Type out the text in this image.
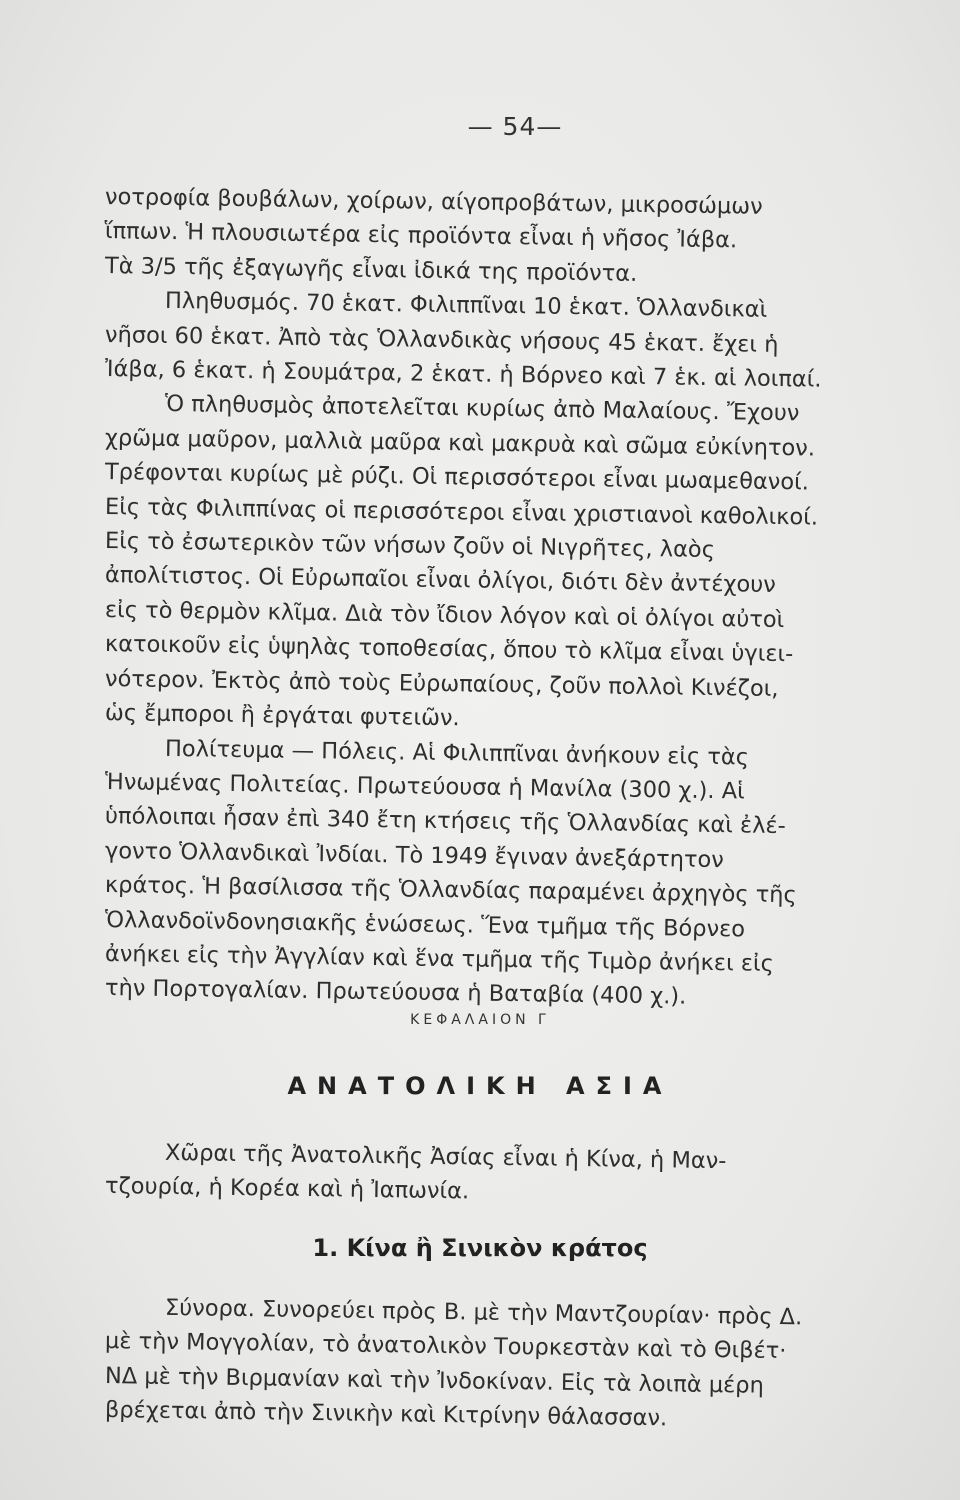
— 54—
νοτροφία βουβάλων, χοίρων, αίγοπροβάτων, μικροσώμων
ἵππων. Ἡ πλουσιωτέρα εἰς προϊόντα εἶναι ἡ νῆσος Ἰάβα.
Τὰ 3/5 τῆς ἐξαγωγῆς εἶναι ἰδικά της προϊόντα.
Πληθυσμός. 70 ἑκατ. Φιλιππῖναι 10 ἑκατ. Ὁλλανδικαὶ
νῆσοι 60 ἑκατ. Ἀπὸ τὰς Ὁλλανδικὰς νήσους 45 ἑκατ. ἔχει ἡ
Ἰάβα, 6 ἑκατ. ἡ Σουμάτρα, 2 ἑκατ. ἡ Βόρνεο καὶ 7 ἑκ. αἱ λοιπαί.
Ὁ πληθυσμὸς ἀποτελεῖται κυρίως ἀπὸ Μαλαίους. Ἔχουν
χρῶμα μαῦρον, μαλλιὰ μαῦρα καὶ μακρυὰ καὶ σῶμα εὐκίνητον.
Τρέφονται κυρίως μὲ ρύζι. Οἱ περισσότεροι εἶναι μωαμεθανοί.
Εἰς τὰς Φιλιππίνας οἱ περισσότεροι εἶναι χριστιανοὶ καθολικοί.
Εἰς τὸ ἐσωτερικὸν τῶν νήσων ζοῦν οἱ Νιγρῆτες, λαὸς
ἀπολίτιστος. Οἱ Εὐρωπαῖοι εἶναι ὀλίγοι, διότι δὲν ἀντέχουν
εἰς τὸ θερμὸν κλῖμα. Διὰ τὸν ἴδιον λόγον καὶ οἱ ὀλίγοι αὐτοὶ
κατοικοῦν εἰς ὑψηλὰς τοποθεσίας, ὅπου τὸ κλῖμα εἶναι ὑγιει-
νότερον. Ἐκτὸς ἀπὸ τοὺς Εὐρωπαίους, ζοῦν πολλοὶ Κινέζοι,
ὡς ἔμποροι ἢ ἐργάται φυτειῶν.
Πολίτευμα — Πόλεις. Αἱ Φιλιππῖναι ἀνήκουν εἰς τὰς
Ἡνωμένας Πολιτείας. Πρωτεύουσα ἡ Μανίλα (300 χ.). Αἱ
ὑπόλοιπαι ἦσαν ἐπὶ 340 ἔτη κτήσεις τῆς Ὁλλανδίας καὶ ἐλέ-
γοντο Ὁλλανδικαὶ Ἰνδίαι. Τὸ 1949 ἔγιναν ἀνεξάρτητον
κράτος. Ἡ βασίλισσα τῆς Ὁλλανδίας παραμένει ἀρχηγὸς τῆς
Ὁλλανδοϊνδονησιακῆς ἑνώσεως. Ἕνα τμῆμα τῆς Βόρνεο
ἀνήκει εἰς τὴν Ἀγγλίαν καὶ ἕνα τμῆμα τῆς Τιμὸρ ἀνήκει εἰς
τὴν Πορτογαλίαν. Πρωτεύουσα ἡ Βαταβία (400 χ.).
ΚΕΦΑΛΑΙΟΝ Γ
ΑΝΑΤΟΛΙΚΗ ΑΣΙΑ
Χῶραι τῆς Ἀνατολικῆς Ἀσίας εἶναι ἡ Κίνα, ἡ Μαν-
τζουρία, ἡ Κορέα καὶ ἡ Ἰαπωνία.
1. Κίνα ἢ Σινικὸν κράτος
Σύνορα. Συνορεύει πρὸς Β. μὲ τὴν Μαντζουρίαν· πρὸς Δ.
μὲ τὴν Μογγολίαν, τὸ ἀνατολικὸν Τουρκεστὰν καὶ τὸ Θιβέτ·
ΝΔ μὲ τὴν Βιρμανίαν καὶ τὴν Ἰνδοκίναν. Εἰς τὰ λοιπὰ μέρη
βρέχεται ἀπὸ τὴν Σινικὴν καὶ Κιτρίνην θάλασσαν.
